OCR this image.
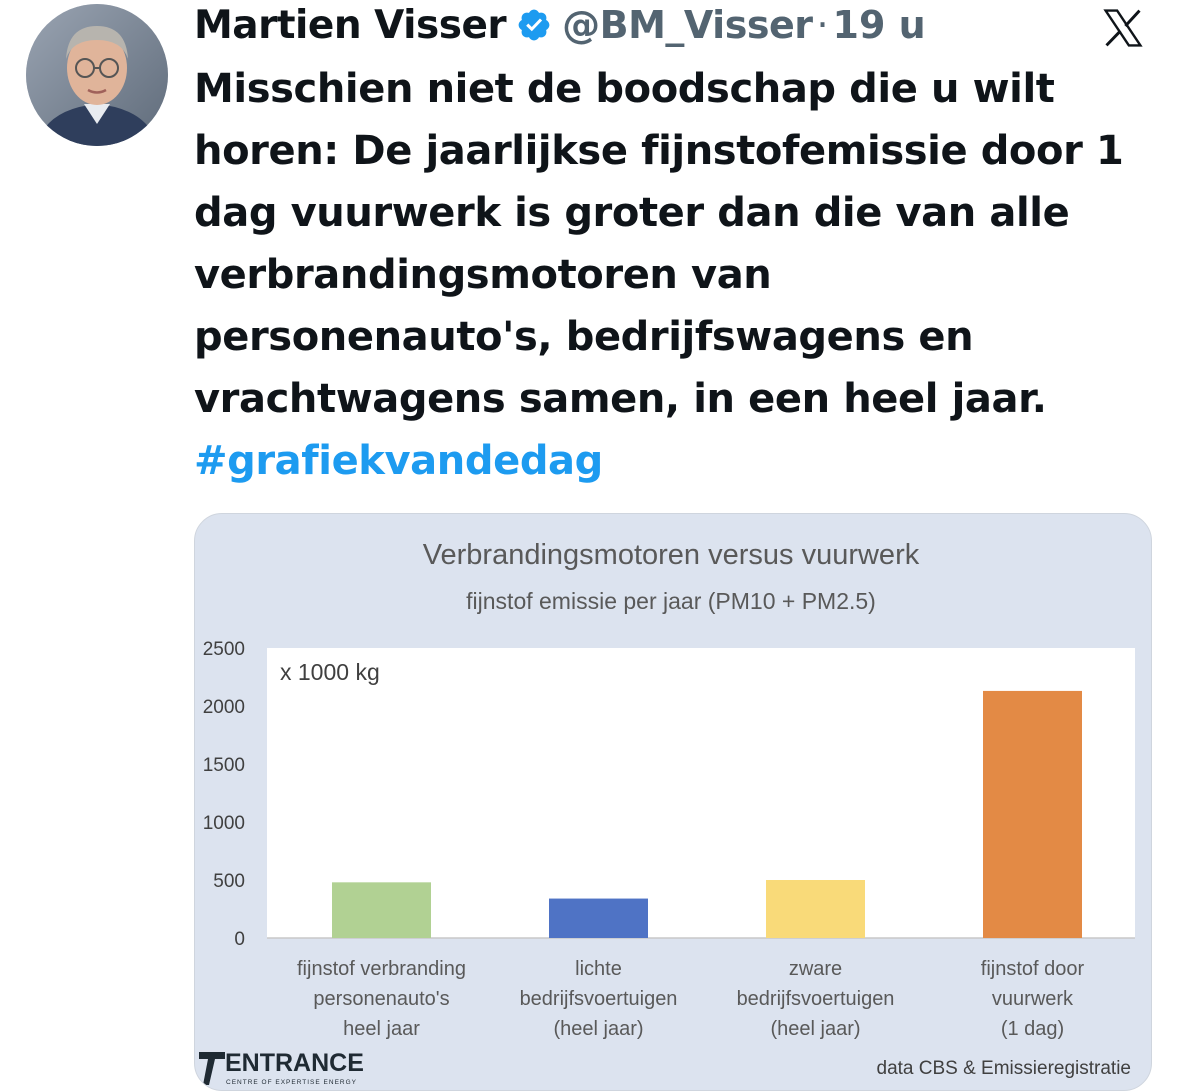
Martien Visser @BM_Visser · 19 u
Misschien niet de boodschap die u wilt
horen: De jaarlijkse fijnstofemissie door 1
dag vuurwerk is groter dan die van alle
verbrandingsmotoren van
personenauto's, bedrijfswagens en
vrachtwagens samen, in een heel jaar.
#grafiekvandedag
Verbrandingsmotoren versus vuurwerk
fijnstof emissie per jaar (PM10 + PM2.5)
x 1000 kg
0
500
1000
1500
2000
2500
fijnstof verbranding
personenauto's
heel jaar
lichte
bedrijfsvoertuigen
(heel jaar)
zware
bedrijfsvoertuigen
(heel jaar)
fijnstof door
vuurwerk
(1 dag)
ENTRANCE
CENTRE OF EXPERTISE ENERGY
data CBS & Emissieregistratie
